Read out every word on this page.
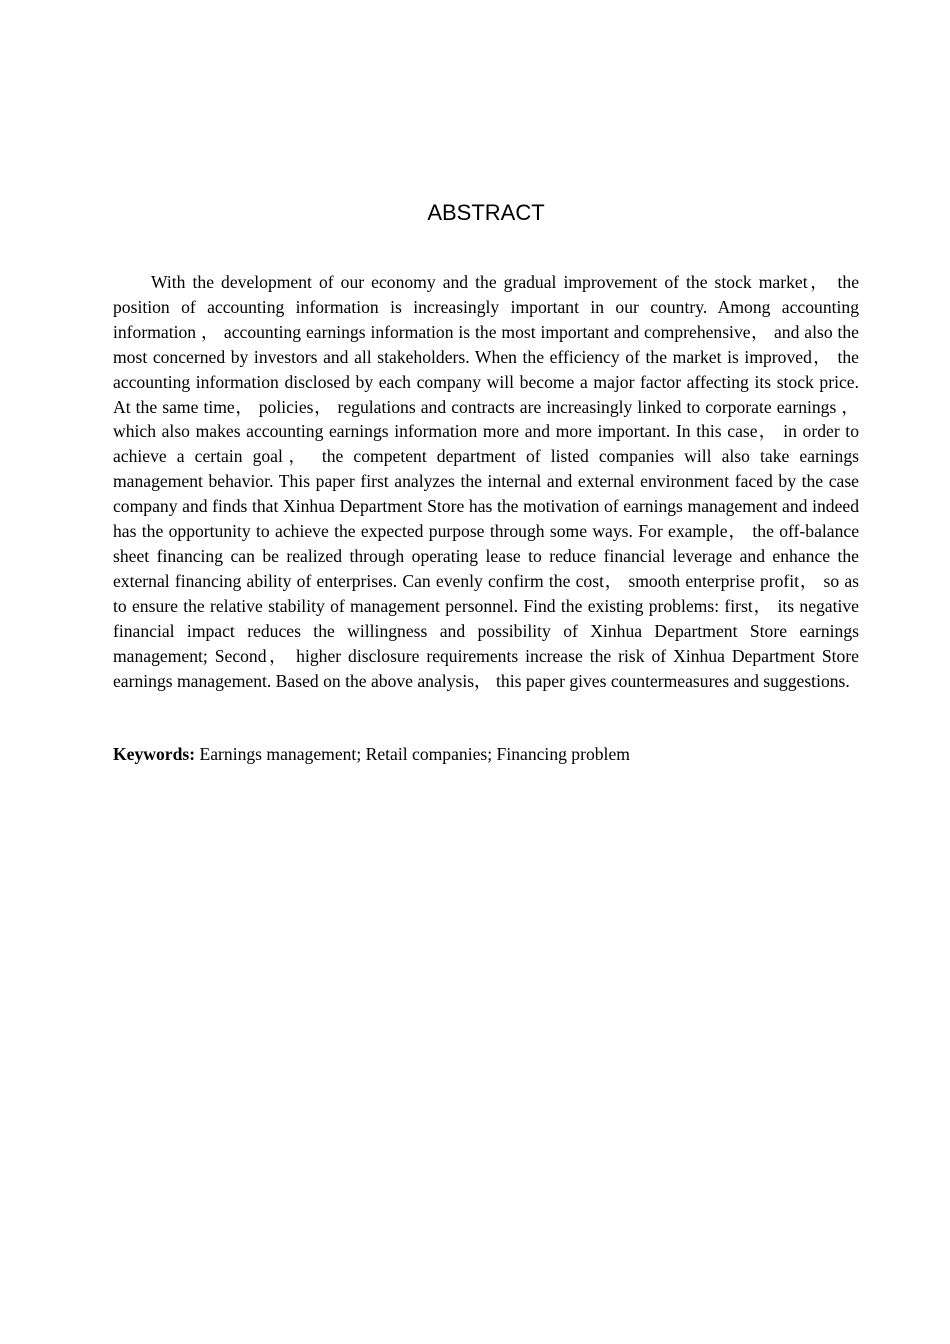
ABSTRACT

With the development of our economy and the gradual improvement of the stock market， the position of accounting information is increasingly important in our country. Among accounting information ， accounting earnings information is the most important and comprehensive， and also the most concerned by investors and all stakeholders. When the efficiency of the market is improved， the accounting information disclosed by each company will become a major factor affecting its stock price. At the same time， policies， regulations and contracts are increasingly linked to corporate earnings ， which also makes accounting earnings information more and more important. In this case， in order to achieve a certain goal， the competent department of listed companies will also take earnings management behavior. This paper first analyzes the internal and external environment faced by the case company and finds that Xinhua Department Store has the motivation of earnings management and indeed has the opportunity to achieve the expected purpose through some ways. For example， the off-balance sheet financing can be realized through operating lease to reduce financial leverage and enhance the external financing ability of enterprises. Can evenly confirm the cost， smooth enterprise profit， so as to ensure the relative stability of management personnel. Find the existing problems: first， its negative financial impact reduces the willingness and possibility of Xinhua Department Store earnings management; Second， higher disclosure requirements increase the risk of Xinhua Department Store earnings management. Based on the above analysis， this paper gives countermeasures and suggestions.

Keywords: Earnings management; Retail companies; Financing problem
